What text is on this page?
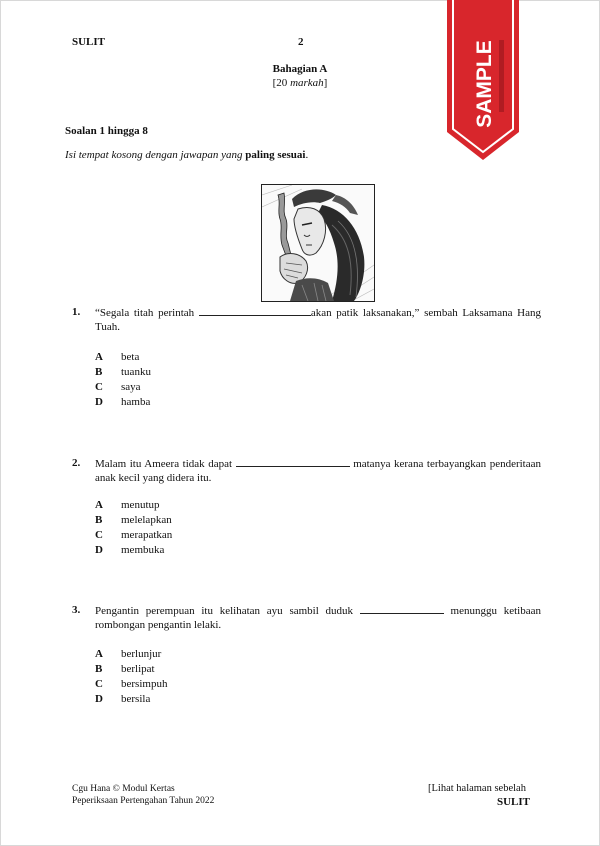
SULIT	2
Bahagian A
[20 markah]	SAMPLE
Soalan 1 hingga 8
Isi tempat kosong dengan jawapan yang paling sesuai.
1. “Segala titah perintah	akan patik laksanakan,” sembah Laksamana Hang Tuah.
A	beta
B	tuanku
C	saya
D	hamba
2. Malam itu Ameera tidak dapat	matanya kerana terbayangkan penderitaan anak kecil yang didera itu.
A	menutup
B	melelapkan
C	merapatkan
D	membuka
3. Pengantin perempuan itu kelihatan ayu sambil duduk	menunggu ketibaan rombongan pengantin lelaki.
A	berlunjur
B	berlipat
C	bersimpuh
D	bersila
Cgu Hana © Modul Kertas
Peperiksaan Pertengahan Tahun 2022
[Lihat halaman sebelah
SULIT
